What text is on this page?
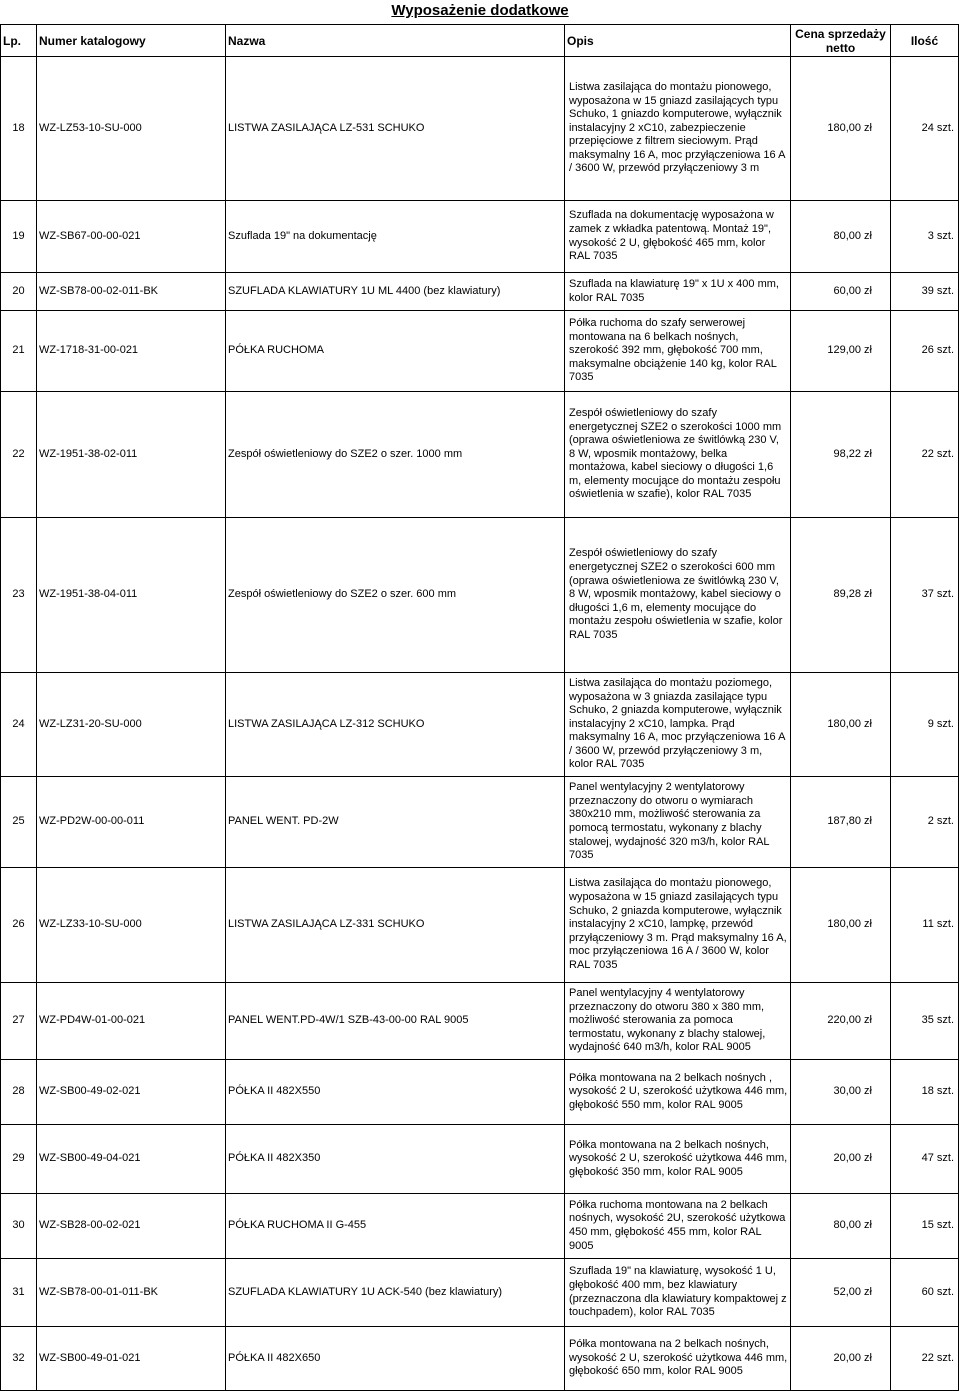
Wyposażenie dodatkowe
Lp.	Numer katalogowy	Nazwa	Opis	Cena sprzedaży netto	Ilość
18	WZ-LZ53-10-SU-000	LISTWA ZASILAJĄCA LZ-531 SCHUKO	Listwa zasilająca do montażu pionowego, wyposażona w 15 gniazd zasilających typu Schuko, 1 gniazdo komputerowe, wyłącznik instalacyjny 2 xC10, zabezpieczenie przepięciowe z filtrem sieciowym. Prąd maksymalny 16 A, moc przyłączeniowa 16 A / 3600 W, przewód przyłączeniowy 3 m	180,00 zł	24 szt.
19	WZ-SB67-00-00-021	Szuflada 19" na dokumentację	Szuflada na dokumentację wyposażona w zamek z wkładka patentową. Montaż 19", wysokość 2 U, głębokość 465 mm, kolor RAL 7035	80,00 zł	3 szt.
20	WZ-SB78-00-02-011-BK	SZUFLADA KLAWIATURY 1U ML 4400 (bez klawiatury)	Szuflada na klawiaturę 19" x 1U x 400 mm, kolor RAL 7035	60,00 zł	39 szt.
21	WZ-1718-31-00-021	PÓŁKA RUCHOMA	Półka ruchoma do szafy serwerowej montowana na 6 belkach nośnych, szerokość 392 mm, głębokość 700 mm, maksymalne obciążenie 140 kg, kolor RAL 7035	129,00 zł	26 szt.
22	WZ-1951-38-02-011	Zespół oświetleniowy do SZE2 o szer. 1000 mm	Zespół oświetleniowy do szafy energetycznej SZE2 o szerokości 1000 mm (oprawa oświetleniowa ze świtlówką 230 V, 8 W, wposmik montażowy, belka montażowa, kabel sieciowy o długości 1,6 m, elementy mocujące do montażu zespołu oświetlenia w szafie), kolor RAL 7035	98,22 zł	22 szt.
23	WZ-1951-38-04-011	Zespół oświetleniowy do SZE2 o szer. 600 mm	Zespół oświetleniowy do szafy energetycznej SZE2 o szerokości 600 mm (oprawa oświetleniowa ze świtlówką 230 V, 8 W, wposmik montażowy, kabel sieciowy o długości 1,6 m, elementy mocujące do montażu zespołu oświetlenia w szafie, kolor RAL 7035	89,28 zł	37 szt.
24	WZ-LZ31-20-SU-000	LISTWA ZASILAJĄCA LZ-312 SCHUKO	Listwa zasilająca do montażu poziomego, wyposażona w 3 gniazda zasilające typu Schuko, 2 gniazda komputerowe, wyłącznik instalacyjny 2 xC10, lampka. Prąd maksymalny 16 A, moc przyłączeniowa 16 A / 3600 W, przewód przyłączeniowy 3 m, kolor RAL 7035	180,00 zł	9 szt.
25	WZ-PD2W-00-00-011	PANEL WENT. PD-2W	Panel wentylacyjny 2 wentylatorowy przeznaczony do otworu o wymiarach 380x210 mm, możliwość sterowania za pomocą termostatu, wykonany z blachy stalowej, wydajność 320 m3/h, kolor RAL 7035	187,80 zł	2 szt.
26	WZ-LZ33-10-SU-000	LISTWA ZASILAJĄCA LZ-331 SCHUKO	Listwa zasilająca do montażu pionowego, wyposażona w 15 gniazd zasilających typu Schuko, 2 gniazda komputerowe, wyłącznik instalacyjny 2 xC10, lampkę, przewód przyłączeniowy 3 m. Prąd maksymalny 16 A, moc przyłączeniowa 16 A / 3600 W, kolor RAL 7035	180,00 zł	11 szt.
27	WZ-PD4W-01-00-021	PANEL WENT.PD-4W/1 SZB-43-00-00 RAL 9005	Panel wentylacyjny 4 wentylatorowy przeznaczony do otworu 380 x 380 mm, możliwość sterowania za pomoca termostatu, wykonany z blachy stalowej, wydajność 640 m3/h, kolor RAL 9005	220,00 zł	35 szt.
28	WZ-SB00-49-02-021	PÓŁKA II 482X550	Półka montowana na 2 belkach nośnych , wysokość 2 U, szerokość użytkowa 446 mm, głębokość 550 mm, kolor RAL 9005	30,00 zł	18 szt.
29	WZ-SB00-49-04-021	PÓŁKA II 482X350	Półka montowana na 2 belkach nośnych, wysokość 2 U, szerokość użytkowa 446 mm, głębokość 350 mm, kolor RAL 9005	20,00 zł	47 szt.
30	WZ-SB28-00-02-021	PÓŁKA RUCHOMA II G-455	Półka ruchoma montowana na 2 belkach nośnych, wysokość 2U, szerokość użytkowa 450 mm, głębokość 455 mm, kolor RAL 9005	80,00 zł	15 szt.
31	WZ-SB78-00-01-011-BK	SZUFLADA KLAWIATURY 1U ACK-540 (bez klawiatury)	Szuflada 19" na klawiaturę, wysokość 1 U, głębokość 400 mm, bez klawiatury (przeznaczona dla klawiatury kompaktowej z touchpadem), kolor RAL 7035	52,00 zł	60 szt.
32	WZ-SB00-49-01-021	PÓŁKA II 482X650	Półka montowana na 2 belkach nośnych, wysokość 2 U, szerokość użytkowa 446 mm, głębokość 650 mm, kolor RAL 9005	20,00 zł	22 szt.
